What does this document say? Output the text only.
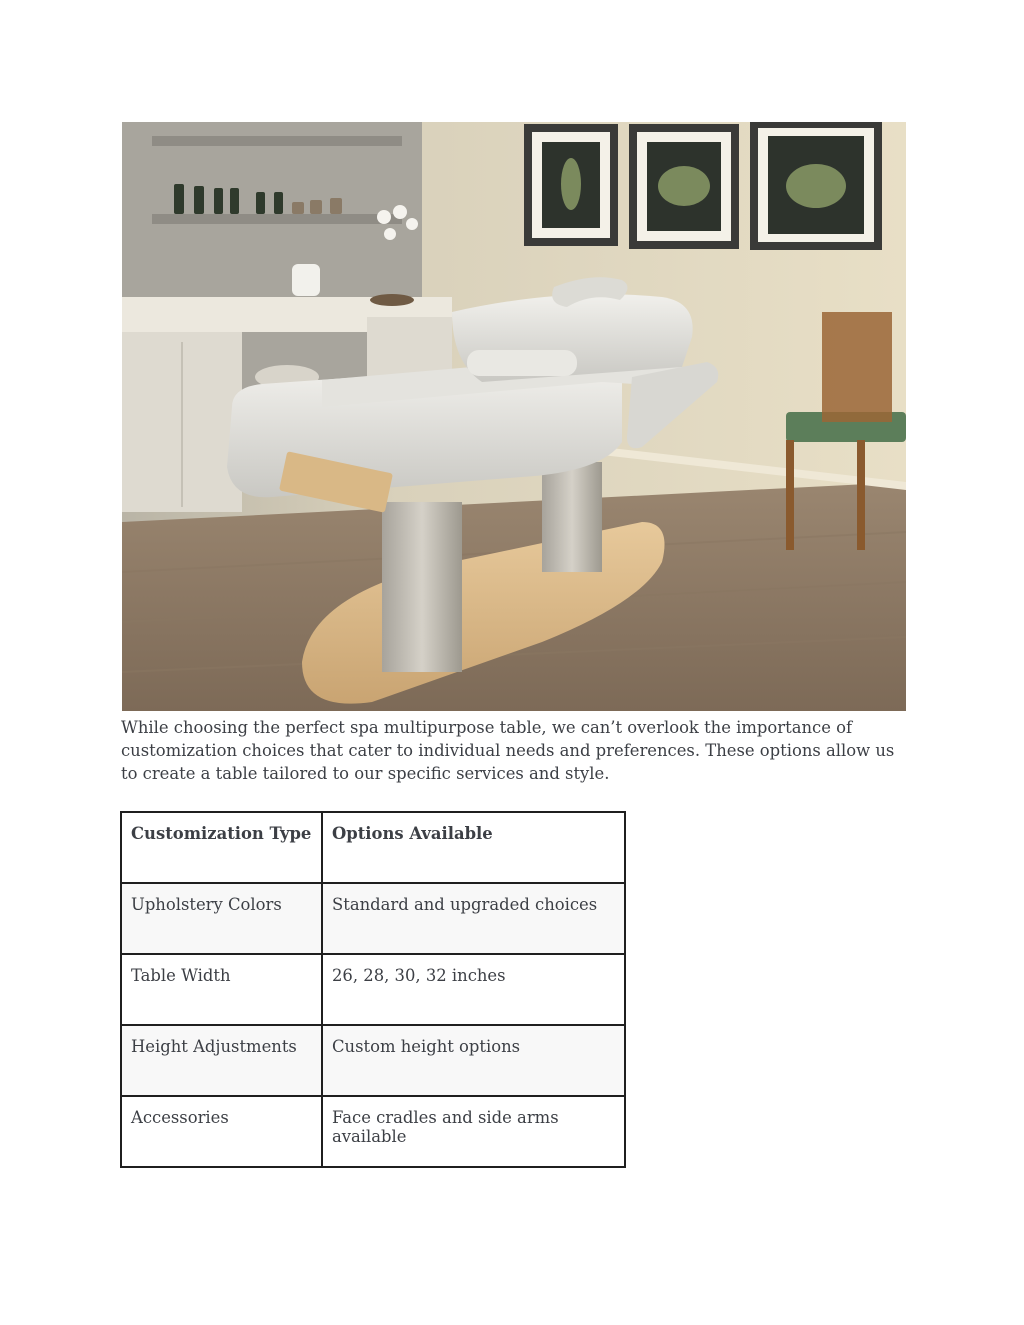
While choosing the perfect spa multipurpose table, we can’t overlook the importance of customization choices that cater to individual needs and preferences. These options allow us to create a table tailored to our specific services and style.

Customization Type	Options Available
Upholstery Colors	Standard and upgraded choices
Table Width	26, 28, 30, 32 inches
Height Adjustments	Custom height options
Accessories	Face cradles and side arms available
